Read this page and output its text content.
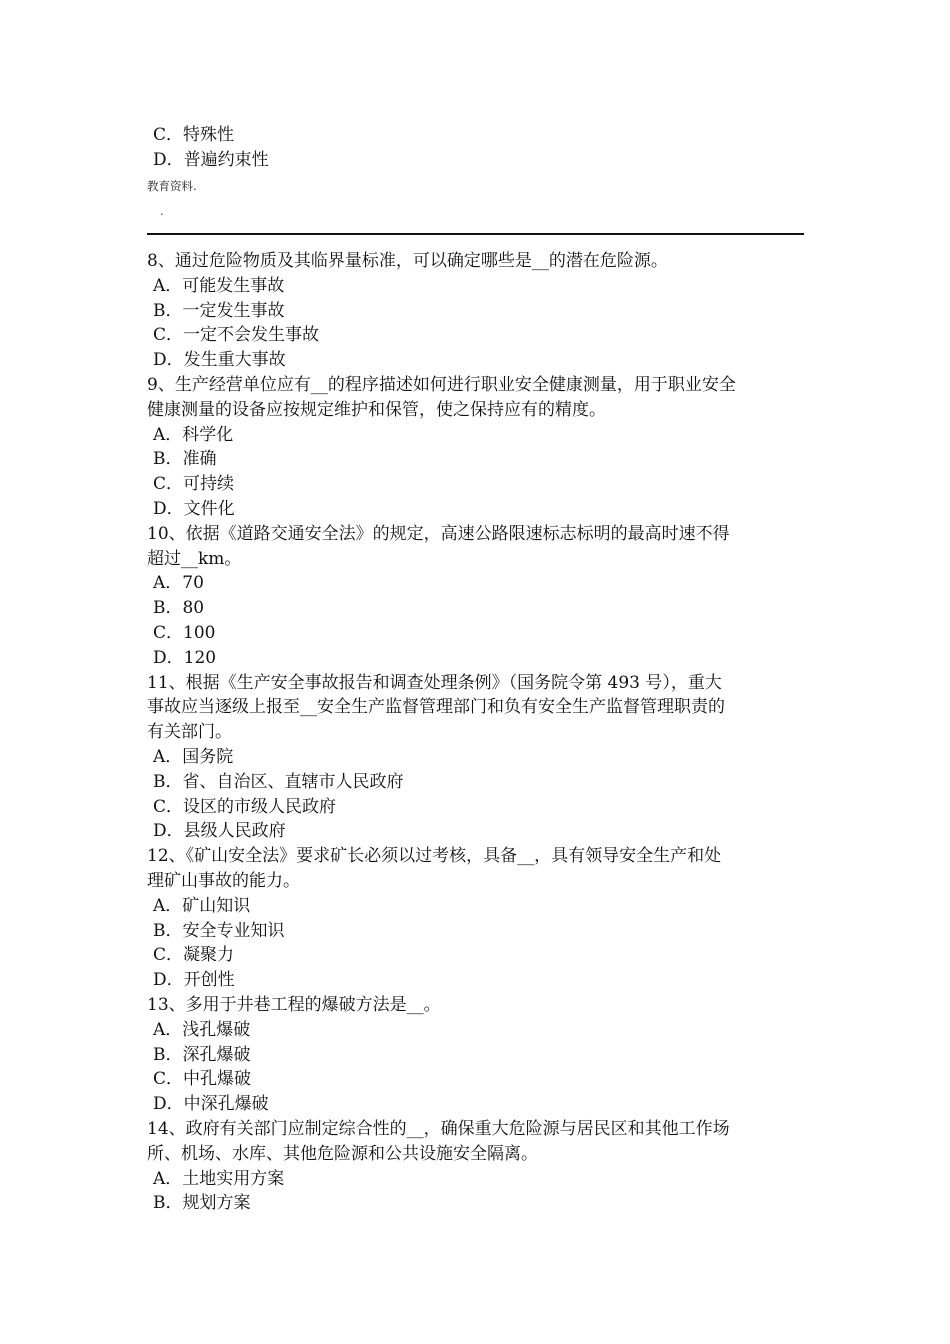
C．特殊性
D．普遍约束性
教育资料.
.
8、通过危险物质及其临界量标准，可以确定哪些是__的潜在危险源。
A．可能发生事故
B．一定发生事故
C．一定不会发生事故
D．发生重大事故
9、生产经营单位应有__的程序描述如何进行职业安全健康测量，用于职业安全
健康测量的设备应按规定维护和保管，使之保持应有的精度。
A．科学化
B．准确
C．可持续
D．文件化
10、依据《道路交通安全法》的规定，高速公路限速标志标明的最高时速不得
超过__km。
A．70
B．80
C．100
D．120
11、根据《生产安全事故报告和调查处理条例》（国务院令第 493 号），重大
事故应当逐级上报至__安全生产监督管理部门和负有安全生产监督管理职责的
有关部门。
A．国务院
B．省、自治区、直辖市人民政府
C．设区的市级人民政府
D．县级人民政府
12、《矿山安全法》要求矿长必须以过考核，具备__，具有领导安全生产和处
理矿山事故的能力。
A．矿山知识
B．安全专业知识
C．凝聚力
D．开创性
13、多用于井巷工程的爆破方法是__。
A．浅孔爆破
B．深孔爆破
C．中孔爆破
D．中深孔爆破
14、政府有关部门应制定综合性的__，确保重大危险源与居民区和其他工作场
所、机场、水库、其他危险源和公共设施安全隔离。
A．土地实用方案
B．规划方案
